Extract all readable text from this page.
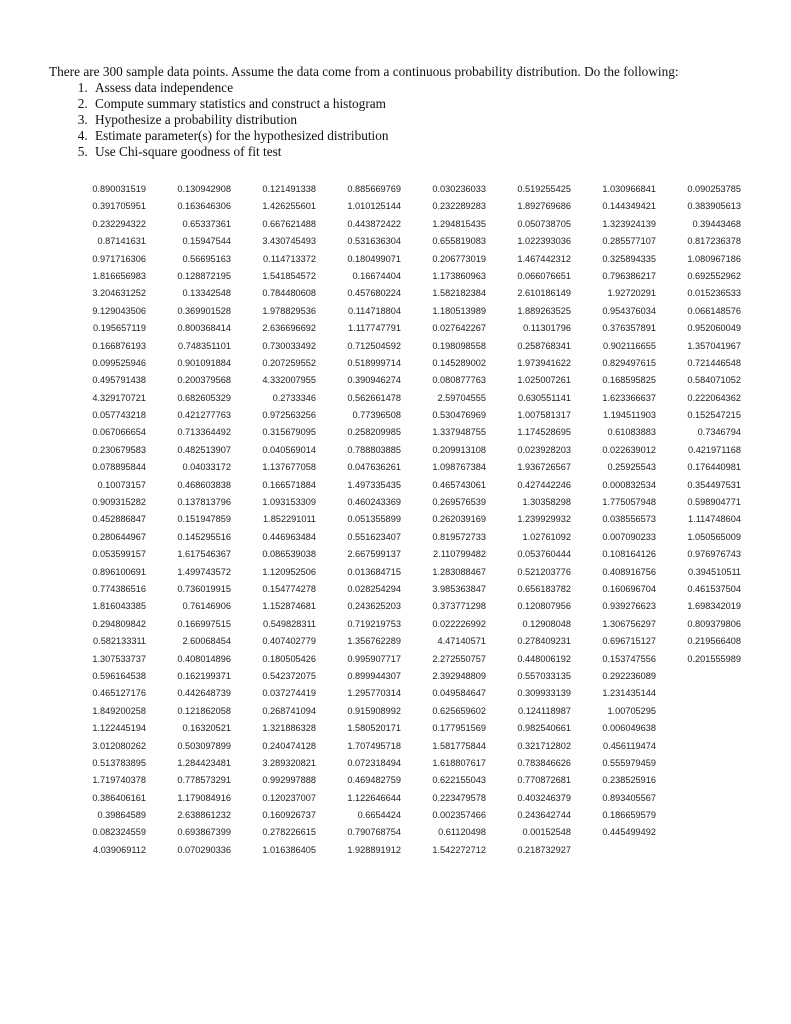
There are 300 sample data points. Assume the data come from a continuous probability distribution. Do the following:
1. Assess data independence
2. Compute summary statistics and construct a histogram
3. Hypothesize a probability distribution
4. Estimate parameter(s) for the hypothesized distribution
5. Use Chi-square goodness of fit test
0.890031519
0.391705951
0.232294322
0.87141631
0.971716306
1.816656983
3.204631252
9.129043506
0.195657119
0.166876193
0.099525946
0.495791438
4.329170721
0.057743218
0.067066654
0.230679583
0.078895844
0.10073157
0.909315282
0.452886847
0.280644967
0.053599157
0.896100691
0.774386516
1.816043385
0.294809842
0.582133311
1.307533737
0.596164538
0.465127176
1.849200258
1.122445194
3.012080262
0.513783895
1.719740378
0.386406161
0.39864589
0.082324559
4.039069112
0.130942908
0.163646306
0.65337361
0.15947544
0.56695163
0.128872195
0.13342548
0.369901528
0.800368414
0.748351101
0.901091884
0.200379568
0.682605329
0.421277763
0.713364492
0.482513907
0.04033172
0.468603838
0.137813796
0.151947859
0.145295516
1.617546367
1.499743572
0.736019915
0.76146906
0.166997515
2.60068454
0.408014896
0.162199371
0.442648739
0.121862058
0.16320521
0.503097899
1.284423481
0.778573291
1.179084916
2.638861232
0.693867399
0.070290336
0.121491338
1.426255601
0.667621488
3.430745493
0.114713372
1.541854572
0.784480608
1.978829536
2.636696692
0.730033492
0.207259552
4.332007955
0.2733346
0.972563256
0.315679095
0.040569014
1.137677058
0.166571884
1.093153309
1.852291011
0.446963484
0.086539038
1.120952506
0.154774278
1.152874681
0.549828311
0.407402779
0.180505426
0.542372075
0.037274419
0.268741094
1.321886328
0.240474128
3.289320821
0.992997888
0.120237007
0.160926737
0.278226615
1.016386405
0.885669769
1.010125144
0.443872422
0.531636304
0.180499071
0.16674404
0.457680224
0.114718804
1.117747791
0.712504592
0.518999714
0.390946274
0.562661478
0.77396508
0.258209985
0.788803885
0.047636261
1.497335435
0.460243369
0.051355899
0.551623407
2.667599137
0.013684715
0.028254294
0.243625203
0.719219753
1.356762289
0.995907717
0.899944307
1.295770314
0.915908992
1.580520171
1.707495718
0.072318494
0.469482759
1.122646644
0.6654424
0.790768754
1.928891912
0.030236033
0.232289283
1.294815435
0.655819083
0.206773019
1.173860963
1.582182384
1.180513989
0.027642267
0.198098558
0.145289002
0.080877763
2.59704555
0.530476969
1.337948755
0.209913108
1.098767384
0.465743061
0.269576539
0.262039169
0.819572733
2.110799482
1.283088467
3.985363847
0.373771298
0.022226992
4.47140571
2.272550757
2.392948809
0.049584647
0.625659602
0.177951569
1.581775844
1.618807617
0.622155043
0.223479578
0.002357466
0.61120498
1.542272712
0.519255425
1.892769686
0.050738705
1.022393036
1.467442312
0.066076651
2.610186149
1.889263525
0.11301796
0.258768341
1.973941622
1.025007261
0.630551141
1.007581317
1.174528695
0.023928203
1.936726567
0.427442246
1.30358298
1.239929932
1.02761092
0.053760444
0.521203776
0.656183782
0.120807956
0.12908048
0.278409231
0.448006192
0.557033135
0.309933139
0.124118987
0.982540661
0.321712802
0.783846626
0.770872681
0.403246379
0.243642744
0.00152548
0.218732927
1.030966841
0.144349421
1.323924139
0.285577107
0.325894335
0.796386217
1.92720291
0.954376034
0.376357891
0.902116655
0.829497615
0.168595825
1.623366637
1.194511903
0.61083883
0.022639012
0.25925543
0.000832534
1.775057948
0.038556573
0.007090233
0.108164126
0.408916756
0.160696704
0.939276623
1.306756297
0.696715127
0.153747556
0.292236089
1.231435144
1.00705295
0.006049638
0.456119474
0.555979459
0.238525916
0.893405567
0.186659579
0.445499492
0.090253785
0.383905613
0.39443468
0.817236378
1.080967186
0.692552962
0.015236533
0.066148576
0.952060049
1.357041967
0.721446548
0.584071052
0.222064362
0.152547215
0.7346794
0.421971168
0.176440981
0.354497531
0.598904771
1.114748604
1.050565009
0.976976743
0.394510511
0.461537504
1.698342019
0.809379806
0.219566408
0.201555989
